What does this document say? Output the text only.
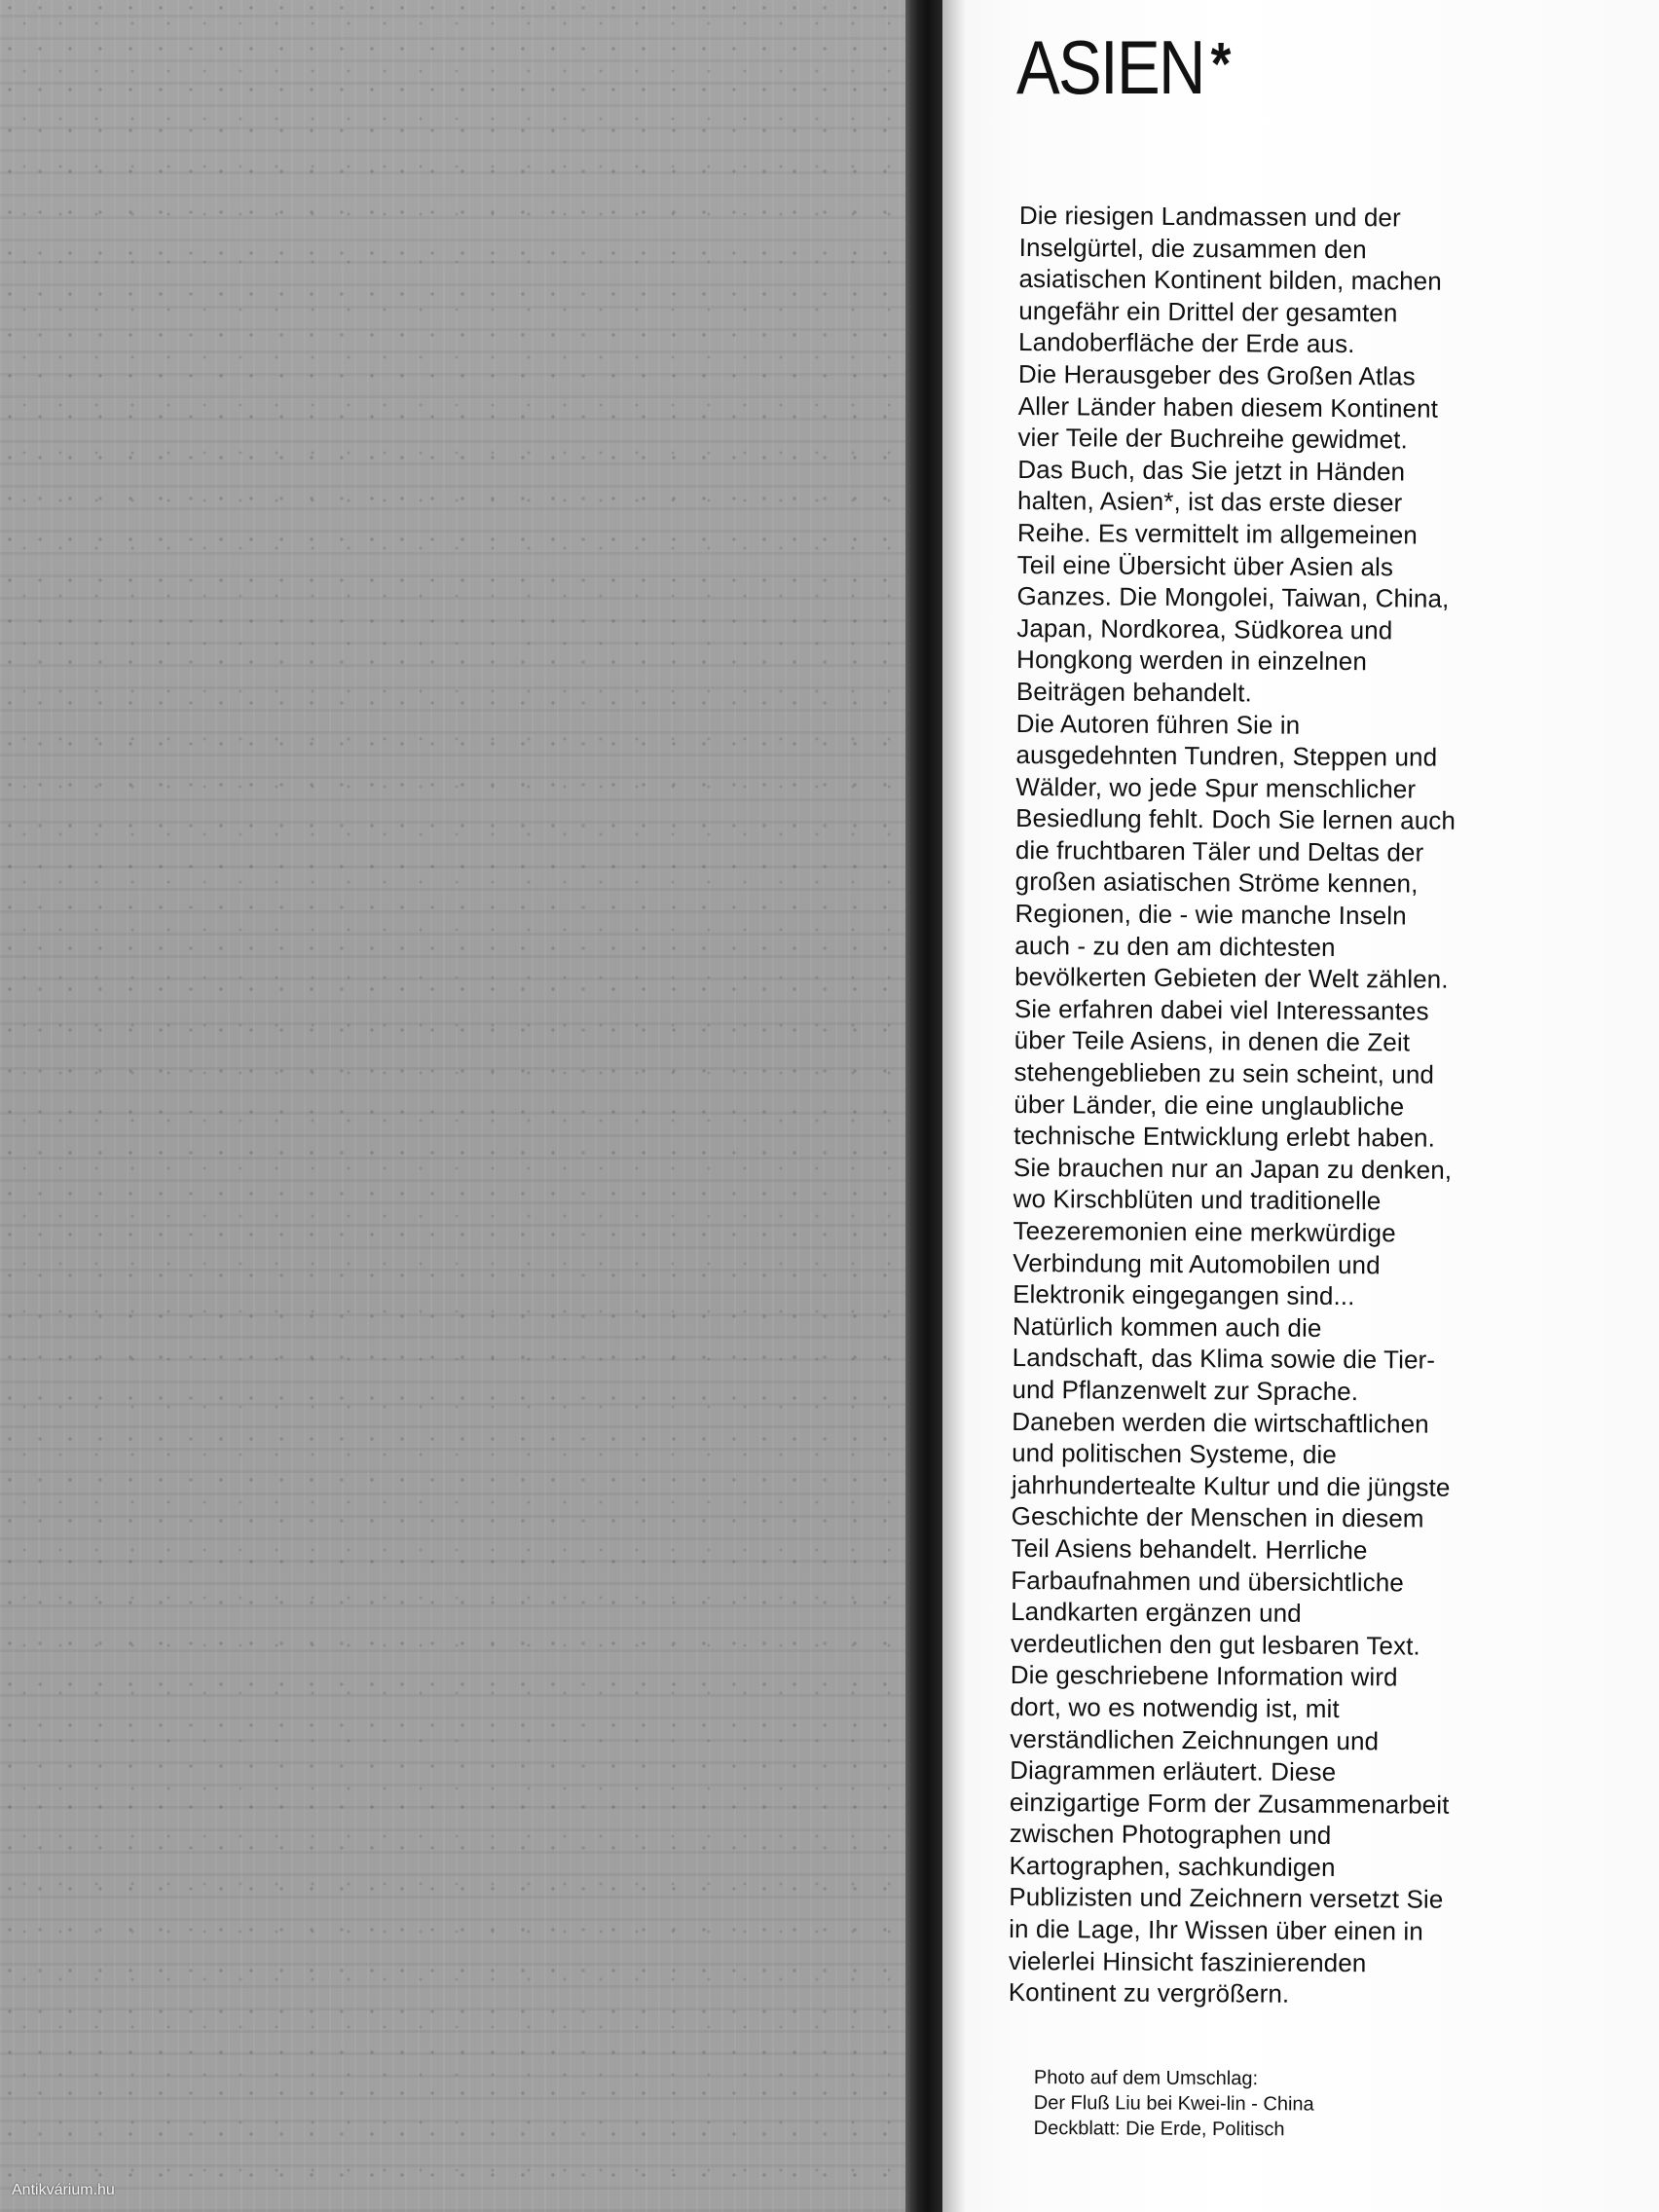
ASIEN *

Die riesigen Landmassen und der
Inselgürtel, die zusammen den
asiatischen Kontinent bilden, machen
ungefähr ein Drittel der gesamten
Landoberfläche der Erde aus.
Die Herausgeber des Großen Atlas
Aller Länder haben diesem Kontinent
vier Teile der Buchreihe gewidmet.
Das Buch, das Sie jetzt in Händen
halten, Asien*, ist das erste dieser
Reihe. Es vermittelt im allgemeinen
Teil eine Übersicht über Asien als
Ganzes. Die Mongolei, Taiwan, China,
Japan, Nordkorea, Südkorea und
Hongkong werden in einzelnen
Beiträgen behandelt.
Die Autoren führen Sie in
ausgedehnten Tundren, Steppen und
Wälder, wo jede Spur menschlicher
Besiedlung fehlt. Doch Sie lernen auch
die fruchtbaren Täler und Deltas der
großen asiatischen Ströme kennen,
Regionen, die - wie manche Inseln
auch - zu den am dichtesten
bevölkerten Gebieten der Welt zählen.
Sie erfahren dabei viel Interessantes
über Teile Asiens, in denen die Zeit
stehengeblieben zu sein scheint, und
über Länder, die eine unglaubliche
technische Entwicklung erlebt haben.
Sie brauchen nur an Japan zu denken,
wo Kirschblüten und traditionelle
Teezeremonien eine merkwürdige
Verbindung mit Automobilen und
Elektronik eingegangen sind...
Natürlich kommen auch die
Landschaft, das Klima sowie die Tier-
und Pflanzenwelt zur Sprache.
Daneben werden die wirtschaftlichen
und politischen Systeme, die
jahrhundertealte Kultur und die jüngste
Geschichte der Menschen in diesem
Teil Asiens behandelt. Herrliche
Farbaufnahmen und übersichtliche
Landkarten ergänzen und
verdeutlichen den gut lesbaren Text.
Die geschriebene Information wird
dort, wo es notwendig ist, mit
verständlichen Zeichnungen und
Diagrammen erläutert. Diese
einzigartige Form der Zusammenarbeit
zwischen Photographen und
Kartographen, sachkundigen
Publizisten und Zeichnern versetzt Sie
in die Lage, Ihr Wissen über einen in
vielerlei Hinsicht faszinierenden
Kontinent zu vergrößern.

Photo auf dem Umschlag:
Der Fluß Liu bei Kwei-lin - China
Deckblatt: Die Erde, Politisch

Antikvárium.hu
